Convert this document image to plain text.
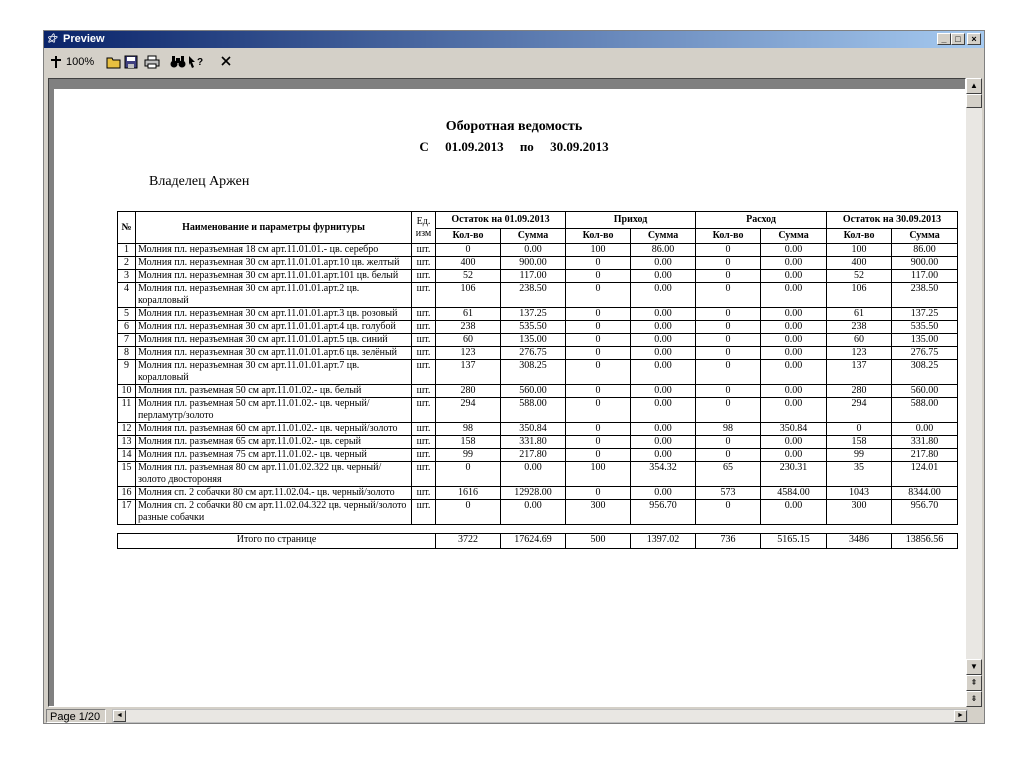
⚝ Preview	_ □	×
100%	?
Оборотная ведомость
С 01.09.2013 по 30.09.2013
Владелец Аржен
№	Наименование и параметры фурнитуры	Ед. изм	Остаток на 01.09.2013		Приход		Расход		Остаток на 30.09.2013	
			Кол-во	Сумма	Кол-во	Сумма	Кол-во	Сумма	Кол-во	Сумма
1	Молния пл. неразъемная 18 см арт.11.01.01.- цв. серебро	шт.	0	0.00	100	86.00	0	0.00	100	86.00
2	Молния пл. неразъемная 30 см арт.11.01.01.арт.10 цв. желтый	шт.	400	900.00	0	0.00	0	0.00	400	900.00
3	Молния пл. неразъемная 30 см арт.11.01.01.арт.101 цв. белый	шт.	52	117.00	0	0.00	0	0.00	52	117.00
4	Молния пл. неразъемная 30 см арт.11.01.01.арт.2 цв. коралловый	шт.	106	238.50	0	0.00	0	0.00	106	238.50
5	Молния пл. неразъемная 30 см арт.11.01.01.арт.3 цв. розовый	шт.	61	137.25	0	0.00	0	0.00	61	137.25
6	Молния пл. неразъемная 30 см арт.11.01.01.арт.4 цв. голубой	шт.	238	535.50	0	0.00	0	0.00	238	535.50
7	Молния пл. неразъемная 30 см арт.11.01.01.арт.5 цв. синий	шт.	60	135.00	0	0.00	0	0.00	60	135.00
8	Молния пл. неразъемная 30 см арт.11.01.01.арт.6 цв. зелёный	шт.	123	276.75	0	0.00	0	0.00	123	276.75
9	Молния пл. неразъемная 30 см арт.11.01.01.арт.7 цв. коралловый	шт.	137	308.25	0	0.00	0	0.00	137	308.25
10	Молния пл. разъемная 50 см арт.11.01.02.- цв. белый	шт.	280	560.00	0	0.00	0	0.00	280	560.00
11	Молния пл. разъемная 50 см арт.11.01.02.- цв. черный/перламутр/золото	шт.	294	588.00	0	0.00	0	0.00	294	588.00
12	Молния пл. разъемная 60 см арт.11.01.02.- цв. черный/золото	шт.	98	350.84	0	0.00	98	350.84	0	0.00
13	Молния пл. разъемная 65 см арт.11.01.02.- цв. серый	шт.	158	331.80	0	0.00	0	0.00	158	331.80
14	Молния пл. разъемная 75 см арт.11.01.02.- цв. черный	шт.	99	217.80	0	0.00	0	0.00	99	217.80
15	Молния пл. разъемная 80 см арт.11.01.02.322 цв. черный/золото двостороняя	шт.	0	0.00	100	354.32	65	230.31	35	124.01
16	Молния сп. 2 собачки 80 см арт.11.02.04.- цв. черный/золото	шт.	1616	12928.00	0	0.00	573	4584.00	1043	8344.00
17	Молния сп. 2 собачки 80 см арт.11.02.04.322 цв. черный/золото разные собачки	шт.	0	0.00	300	956.70	0	0.00	300	956.70

Итого по странице			3722	17624.69	500	1397.02	736	5165.15	3486	13856.56
▲
▼
⇞
⇟
Page 1/20	◄	►
